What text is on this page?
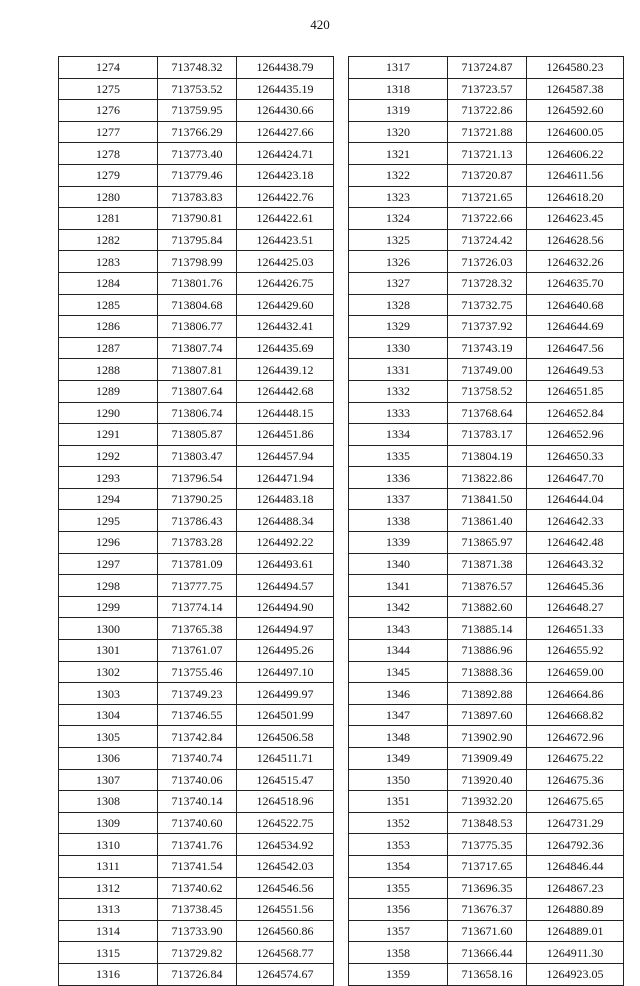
420
1274	713748.32	1264438.79
1275	713753.52	1264435.19
1276	713759.95	1264430.66
1277	713766.29	1264427.66
1278	713773.40	1264424.71
1279	713779.46	1264423.18
1280	713783.83	1264422.76
1281	713790.81	1264422.61
1282	713795.84	1264423.51
1283	713798.99	1264425.03
1284	713801.76	1264426.75
1285	713804.68	1264429.60
1286	713806.77	1264432.41
1287	713807.74	1264435.69
1288	713807.81	1264439.12
1289	713807.64	1264442.68
1290	713806.74	1264448.15
1291	713805.87	1264451.86
1292	713803.47	1264457.94
1293	713796.54	1264471.94
1294	713790.25	1264483.18
1295	713786.43	1264488.34
1296	713783.28	1264492.22
1297	713781.09	1264493.61
1298	713777.75	1264494.57
1299	713774.14	1264494.90
1300	713765.38	1264494.97
1301	713761.07	1264495.26
1302	713755.46	1264497.10
1303	713749.23	1264499.97
1304	713746.55	1264501.99
1305	713742.84	1264506.58
1306	713740.74	1264511.71
1307	713740.06	1264515.47
1308	713740.14	1264518.96
1309	713740.60	1264522.75
1310	713741.76	1264534.92
1311	713741.54	1264542.03
1312	713740.62	1264546.56
1313	713738.45	1264551.56
1314	713733.90	1264560.86
1315	713729.82	1264568.77
1316	713726.84	1264574.67
1317	713724.87	1264580.23
1318	713723.57	1264587.38
1319	713722.86	1264592.60
1320	713721.88	1264600.05
1321	713721.13	1264606.22
1322	713720.87	1264611.56
1323	713721.65	1264618.20
1324	713722.66	1264623.45
1325	713724.42	1264628.56
1326	713726.03	1264632.26
1327	713728.32	1264635.70
1328	713732.75	1264640.68
1329	713737.92	1264644.69
1330	713743.19	1264647.56
1331	713749.00	1264649.53
1332	713758.52	1264651.85
1333	713768.64	1264652.84
1334	713783.17	1264652.96
1335	713804.19	1264650.33
1336	713822.86	1264647.70
1337	713841.50	1264644.04
1338	713861.40	1264642.33
1339	713865.97	1264642.48
1340	713871.38	1264643.32
1341	713876.57	1264645.36
1342	713882.60	1264648.27
1343	713885.14	1264651.33
1344	713886.96	1264655.92
1345	713888.36	1264659.00
1346	713892.88	1264664.86
1347	713897.60	1264668.82
1348	713902.90	1264672.96
1349	713909.49	1264675.22
1350	713920.40	1264675.36
1351	713932.20	1264675.65
1352	713848.53	1264731.29
1353	713775.35	1264792.36
1354	713717.65	1264846.44
1355	713696.35	1264867.23
1356	713676.37	1264880.89
1357	713671.60	1264889.01
1358	713666.44	1264911.30
1359	713658.16	1264923.05
